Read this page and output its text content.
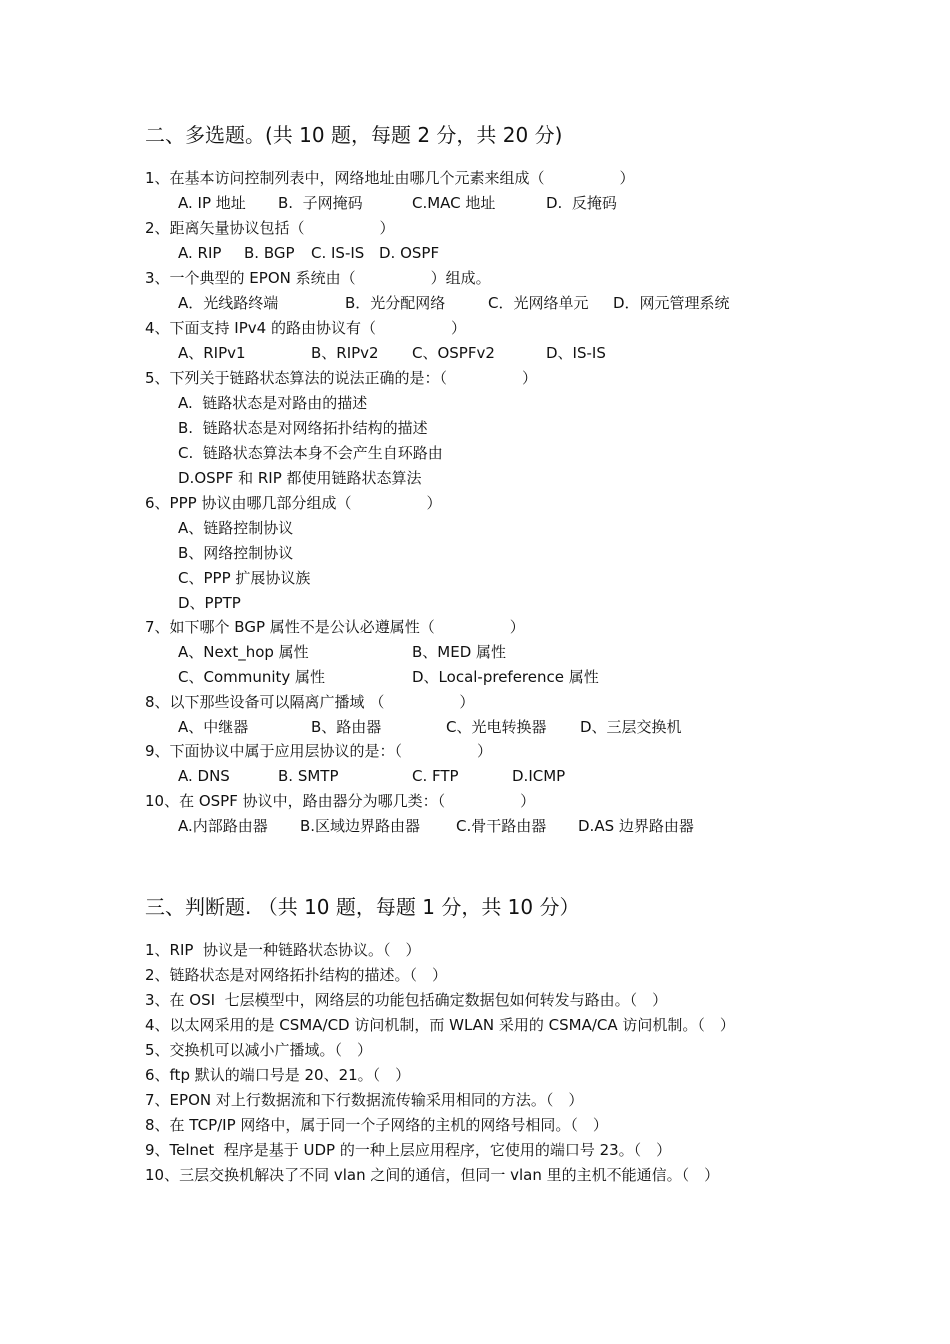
二、多选题。(共 10 题，每题 2 分，共 20 分)
1、在基本访问控制列表中，网络地址由哪几个元素来组成（　　　　　）
A. IP 地址 B.  子网掩码	C.MAC 地址	D.  反掩码
2、距离矢量协议包括（　　　　　）
A. RIP B. BGP C. IS-IS D. OSPF
3、一个典型的 EPON 系统由（　　　　　）组成。
A．光线路终端	B．光分配网络	C．光网络单元 D．网元管理系统
4、下面支持 IPv4 的路由协议有（　　　　　）
A、RIPv1	B、RIPv2 C、OSPFv2	D、IS-IS
5、下列关于链路状态算法的说法正确的是：（　　　　　）
A.  链路状态是对路由的描述
B.  链路状态是对网络拓扑结构的描述
C.  链路状态算法本身不会产生自环路由
D.OSPF 和 RIP 都使用链路状态算法
6、PPP 协议由哪几部分组成（　　　　　）
A、链路控制协议
B、网络控制协议
C、PPP 扩展协议族
D、PPTP
7、如下哪个 BGP 属性不是公认必遵属性（　　　　　）
A、Next_hop 属性	B、MED 属性
C、Community 属性	D、Local-preference 属性
8、以下那些设备可以隔离广播域 （　　　　　）
A、中继器	B、路由器	C、光电转换器 D、三层交换机
9、下面协议中属于应用层协议的是：（　　　　　）
A. DNS	B. SMTP	C. FTP	D.ICMP
10、在 OSPF 协议中，路由器分为哪几类：（　　　　　）
A.内部路由器 B.区域边界路由器 C.骨干路由器 D.AS 边界路由器
三、判断题. （共 10 题，每题 1 分，共 10 分）
1、RIP  协议是一种链路状态协议。（　）
2、链路状态是对网络拓扑结构的描述。（　）
3、在 OSI  七层模型中，网络层的功能包括确定数据包如何转发与路由。（　）
4、以太网采用的是 CSMA/CD 访问机制，而 WLAN 采用的 CSMA/CA 访问机制。（　）
5、交换机可以减小广播域。（　）
6、ftp 默认的端口号是 20、21。（　）
7、EPON 对上行数据流和下行数据流传输采用相同的方法。（　）
8、在 TCP/IP 网络中，属于同一个子网络的主机的网络号相同。（　）
9、Telnet  程序是基于 UDP 的一种上层应用程序，它使用的端口号 23。（　）
10、三层交换机解决了不同 vlan 之间的通信，但同一 vlan 里的主机不能通信。（　）
